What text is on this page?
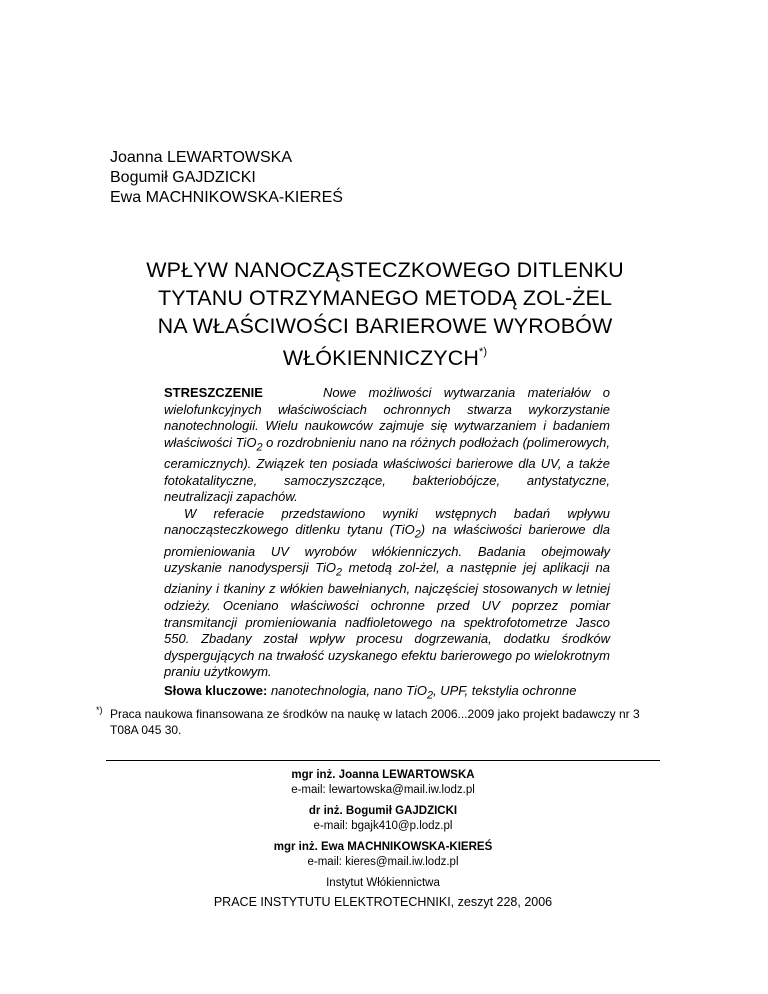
Joanna LEWARTOWSKA
Bogumił GAJDZICKI
Ewa MACHNIKOWSKA-KIEREŚ
WPŁYW NANOCZĄSTECZKOWEGO DITLENKU
TYTANU OTRZYMANEGO METODĄ ZOL-ŻEL
NA WŁAŚCIWOŚCI BARIEROWE WYROBÓW
WŁÓKIENNICZYCH*)

STRESZCZENIE	Nowe możliwości wytwarzania materiałów o wielofunkcyjnych właściwościach ochronnych stwarza wykorzystanie nanotechnologii. Wielu naukowców zajmuje się wytwarzaniem i badaniem właściwości TiO$_2$ o rozdrobnieniu nano na różnych podłożach (polimerowych, ceramicznych). Związek ten posiada właściwości barierowe dla UV, a także fotokatalityczne, samoczyszczące, bakteriobójcze, antystatyczne, neutralizacji zapachów.

W referacie przedstawiono wyniki wstępnych badań wpływu nanocząsteczkowego ditlenku tytanu (TiO$_2$) na właściwości barierowe dla promieniowania UV wyrobów włókienniczych. Badania obejmowały uzyskanie nanodyspersji TiO$_2$ metodą zol-żel, a następnie jej aplikacji na dzianiny i tkaniny z włókien bawełnianych, najczęściej stosowanych w letniej odzieży. Oceniano właściwości ochronne przed UV poprzez pomiar transmitancji promieniowania nadfioletowego na spektrofotometrze Jasco 550. Zbadany został wpływ procesu dogrzewania, dodatku środków dyspergujących na trwałość uzyskanego efektu barierowego po wielokrotnym praniu użytkowym.

Słowa kluczowe: nanotechnologia, nano TiO$_2$, UPF, tekstylia ochronne
*) Praca naukowa finansowana ze środków na naukę w latach 2006...2009 jako projekt badawczy nr 3 T08A 045 30.
mgr inż. Joanna LEWARTOWSKA
e-mail: lewartowska@mail.iw.lodz.pl
dr inż. Bogumił GAJDZICKI
e-mail: bgajk410@p.lodz.pl
mgr inż. Ewa MACHNIKOWSKA-KIEREŚ
e-mail: kieres@mail.iw.lodz.pl
Instytut Włókiennictwa
PRACE INSTYTUTU ELEKTROTECHNIKI, zeszyt 228, 2006
